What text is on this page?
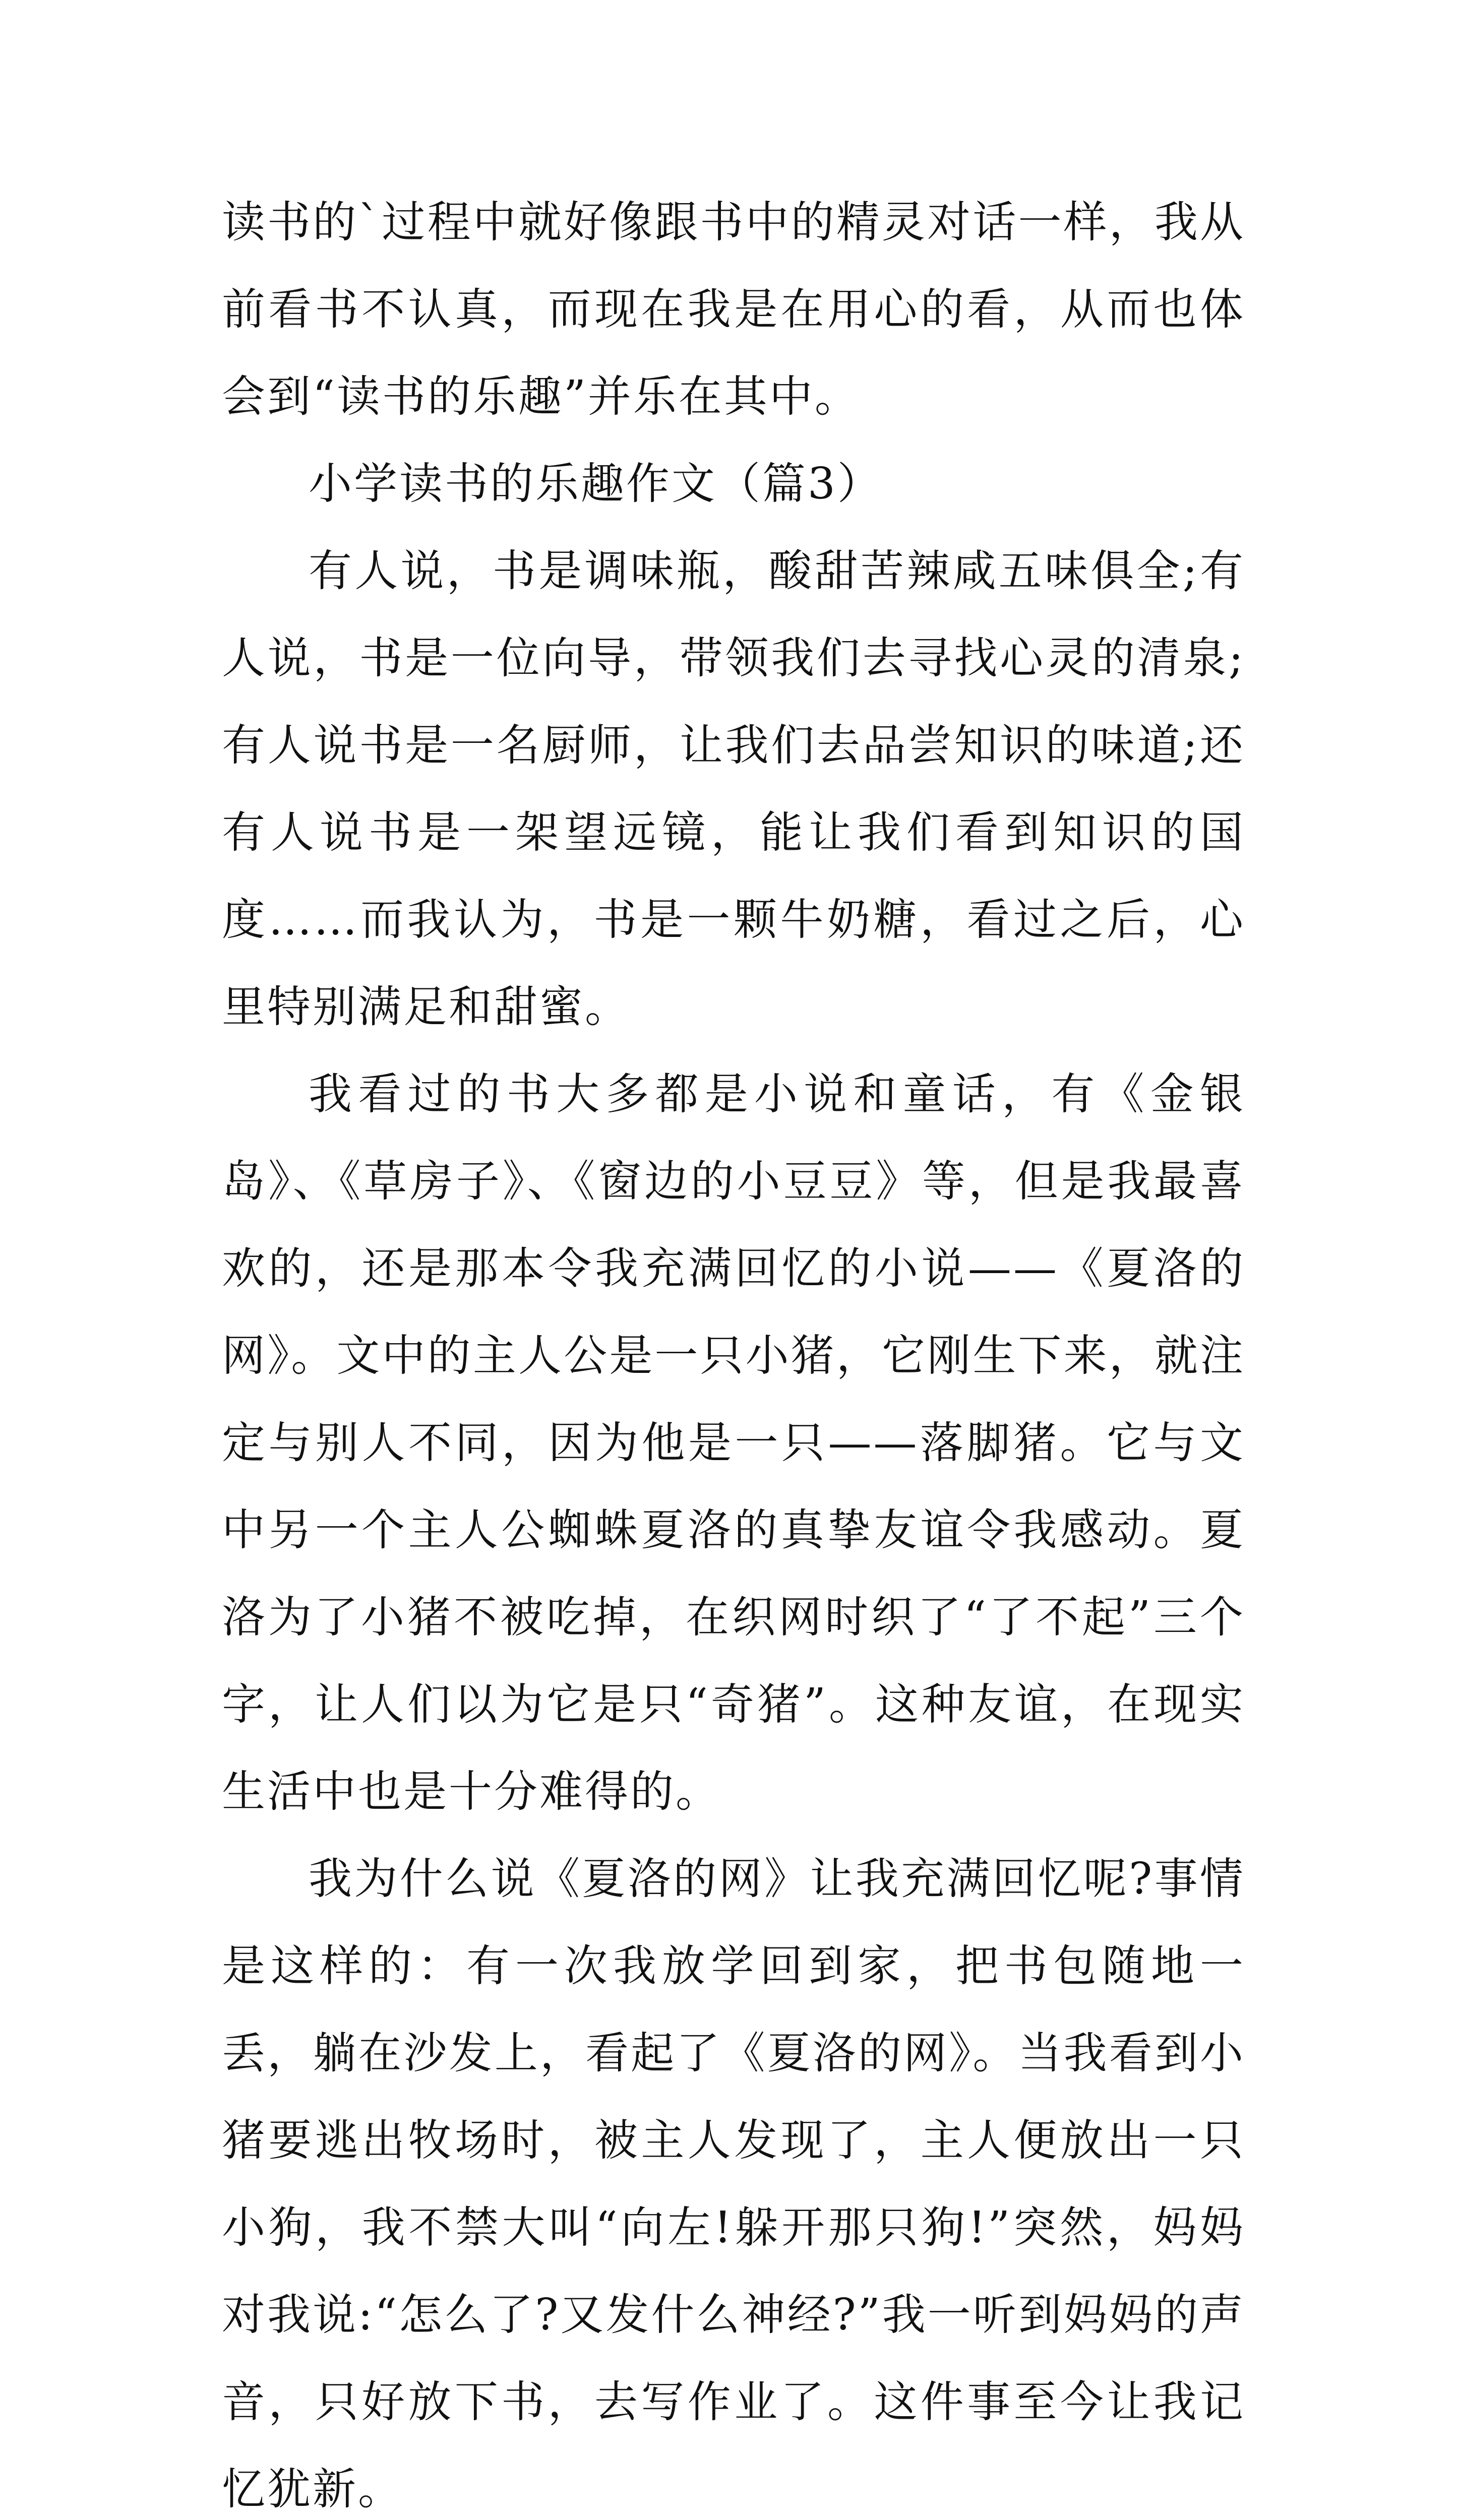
读书的`过程中就好像跟书中的精灵对话一样，我从前看书不认真，而现在我是在用心的看，从而也体会到“读书的乐趣”并乐在其中。

小学读书的乐趣作文（篇3）

有人说，书是调味瓶，酸甜苦辣咸五味俱全;有人说，书是一位向导，带领我们去寻找心灵的清泉;有人说书是一名厨师，让我们去品尝知识的味道;还有人说书是一架望远镜，能让我们看到知识的国度……而我认为，书是一颗牛奶糖，看过之后，心里特别满足和甜蜜。

我看过的书大多都是小说和童话，有《金银岛》、《草房子》、《窗边的小豆豆》等，但是我最喜欢的，还是那本令我充满回忆的小说——《夏洛的网》。文中的主人公是一只小猪，它刚生下来，就注定与别人不同，因为他是一只——落脚猪。它与文中另一个主人公蜘蛛夏洛的真挚友谊令我感动。夏洛为了小猪不被吃掉，在织网时织了“了不起”三个字，让人们以为它是只“奇猪”。这种友谊，在现实生活中也是十分难得的。

我为什么说《夏洛的网》让我充满回忆呢?事情是这样的：有一次我放学回到家，把书包随地一丢，躺在沙发上，看起了《夏洛的网》。当我看到小猪要逃出牧场时，被主人发现了，主人便放出一只小狗，我不禁大叫“向左!躲开那只狗!”突然，妈妈对我说:“怎么了?又发什么神经?”我一听到妈妈的声音，只好放下书，去写作业了。这件事至今让我记忆犹新。
